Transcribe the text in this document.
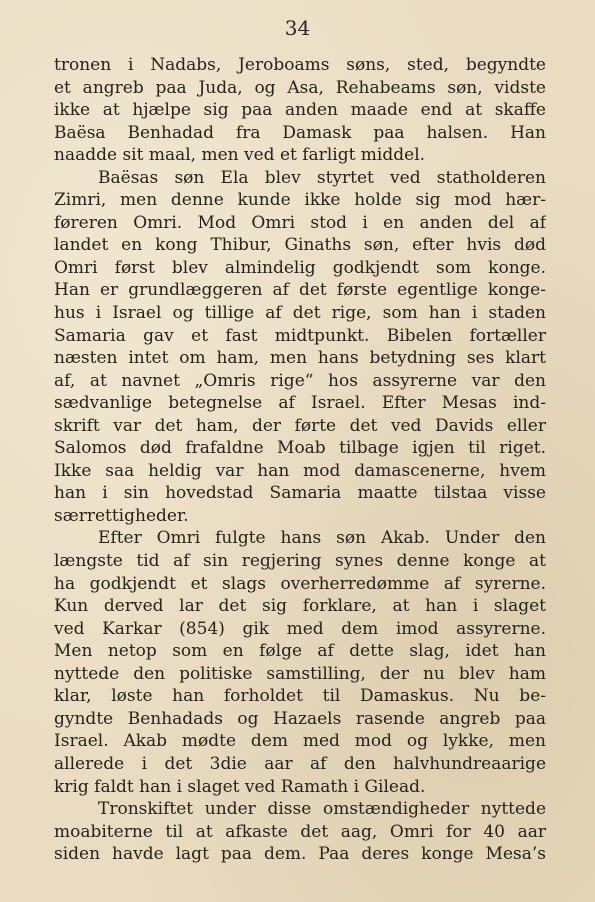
34
tronen i Nadabs, Jeroboams søns, sted, begyndte
et angreb paa Juda, og Asa, Rehabeams søn, vidste
ikke at hjælpe sig paa anden maade end at skaffe
Baësa Benhadad fra Damask paa halsen. Han
naadde sit maal, men ved et farligt middel.
Baësas søn Ela blev styrtet ved statholderen
Zimri, men denne kunde ikke holde sig mod hær-
føreren Omri. Mod Omri stod i en anden del af
landet en kong Thibur, Ginaths søn, efter hvis død
Omri først blev almindelig godkjendt som konge.
Han er grundlæggeren af det første egentlige konge-
hus i Israel og tillige af det rige, som han i staden
Samaria gav et fast midtpunkt. Bibelen fortæller
næsten intet om ham, men hans betydning ses klart
af, at navnet „Omris rige“ hos assyrerne var den
sædvanlige betegnelse af Israel. Efter Mesas ind-
skrift var det ham, der førte det ved Davids eller
Salomos død frafaldne Moab tilbage igjen til riget.
Ikke saa heldig var han mod damascenerne, hvem
han i sin hovedstad Samaria maatte tilstaa visse
særrettigheder.
Efter Omri fulgte hans søn Akab. Under den
længste tid af sin regjering synes denne konge at
ha godkjendt et slags overherredømme af syrerne.
Kun derved lar det sig forklare, at han i slaget
ved Karkar (854) gik med dem imod assyrerne.
Men netop som en følge af dette slag, idet han
nyttede den politiske samstilling, der nu blev ham
klar, løste han forholdet til Damaskus. Nu be-
gyndte Benhadads og Hazaels rasende angreb paa
Israel. Akab mødte dem med mod og lykke, men
allerede i det 3die aar af den halvhundreaarige
krig faldt han i slaget ved Ramath i Gilead.
Tronskiftet under disse omstændigheder nyttede
moabiterne til at afkaste det aag, Omri for 40 aar
siden havde lagt paa dem. Paa deres konge Mesa’s
